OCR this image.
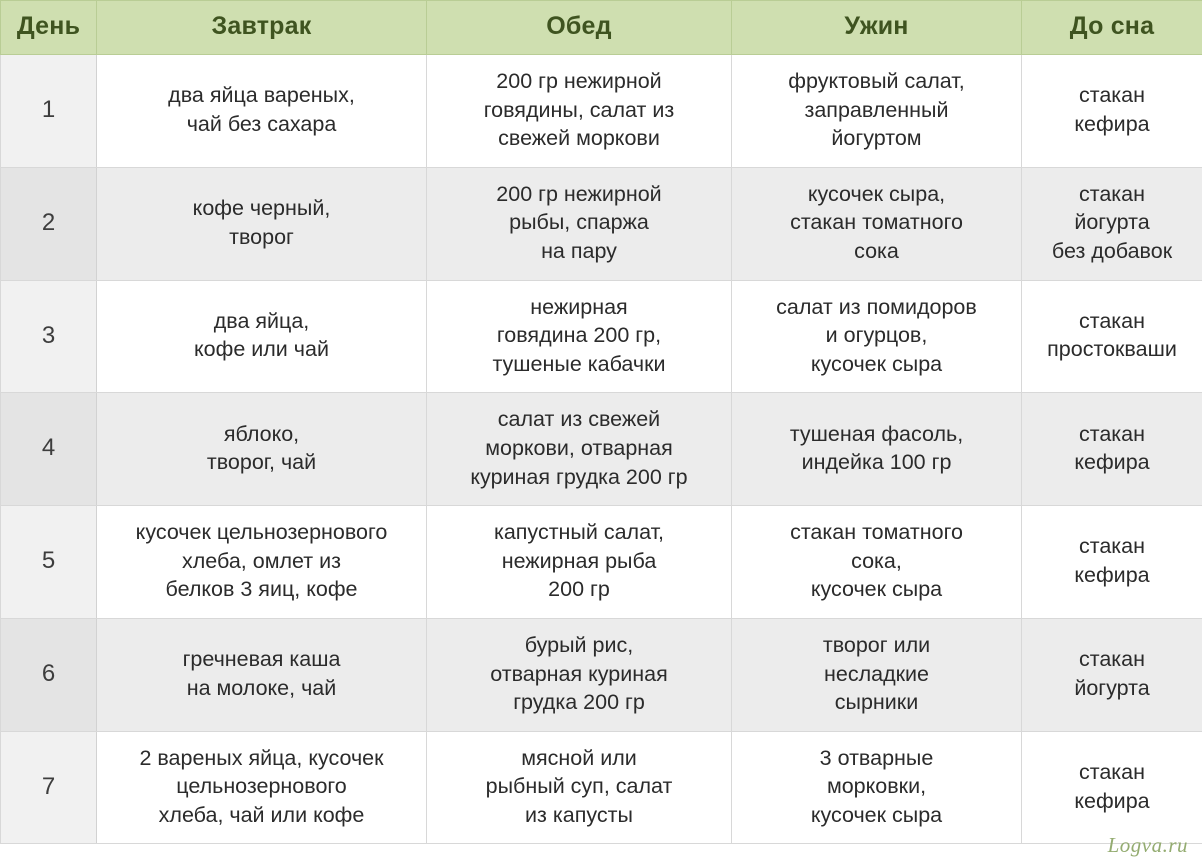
День	Завтрак	Обед	Ужин	До сна
1	два яйца вареных,
чай без сахара	200 гр нежирной
говядины, салат из
свежей моркови	фруктовый салат,
заправленный
йогуртом	стакан
кефира

2	кофе черный,
творог	200 гр нежирной
рыбы, спаржа
на пару	кусочек сыра,
стакан томатного
сока	стакан
йогурта
без добавок

3	два яйца,
кофе или чай	нежирная
говядина 200 гр,
тушеные кабачки	салат из помидоров
и огурцов,
кусочек сыра	стакан
простокваши

4	яблоко,
творог, чай	салат из свежей
моркови, отварная
куриная грудка 200 гр	тушеная фасоль,
индейка 100 гр	стакан
кефира

5	кусочек цельнозернового
хлеба, омлет из
белков 3 яиц, кофе	капустный салат,
нежирная рыба
200 гр	стакан томатного
сока,
кусочек сыра	стакан
кефира

6	гречневая каша
на молоке, чай	бурый рис,
отварная куриная
грудка 200 гр	творог или
несладкие
сырники	стакан
йогурта

7	2 вареных яйца, кусочек
цельнозернового
хлеба, чай или кофе	мясной или
рыбный суп, салат
из капусты	3 отварные
морковки,
кусочек сыра	стакан
кефира
Logva.ru
